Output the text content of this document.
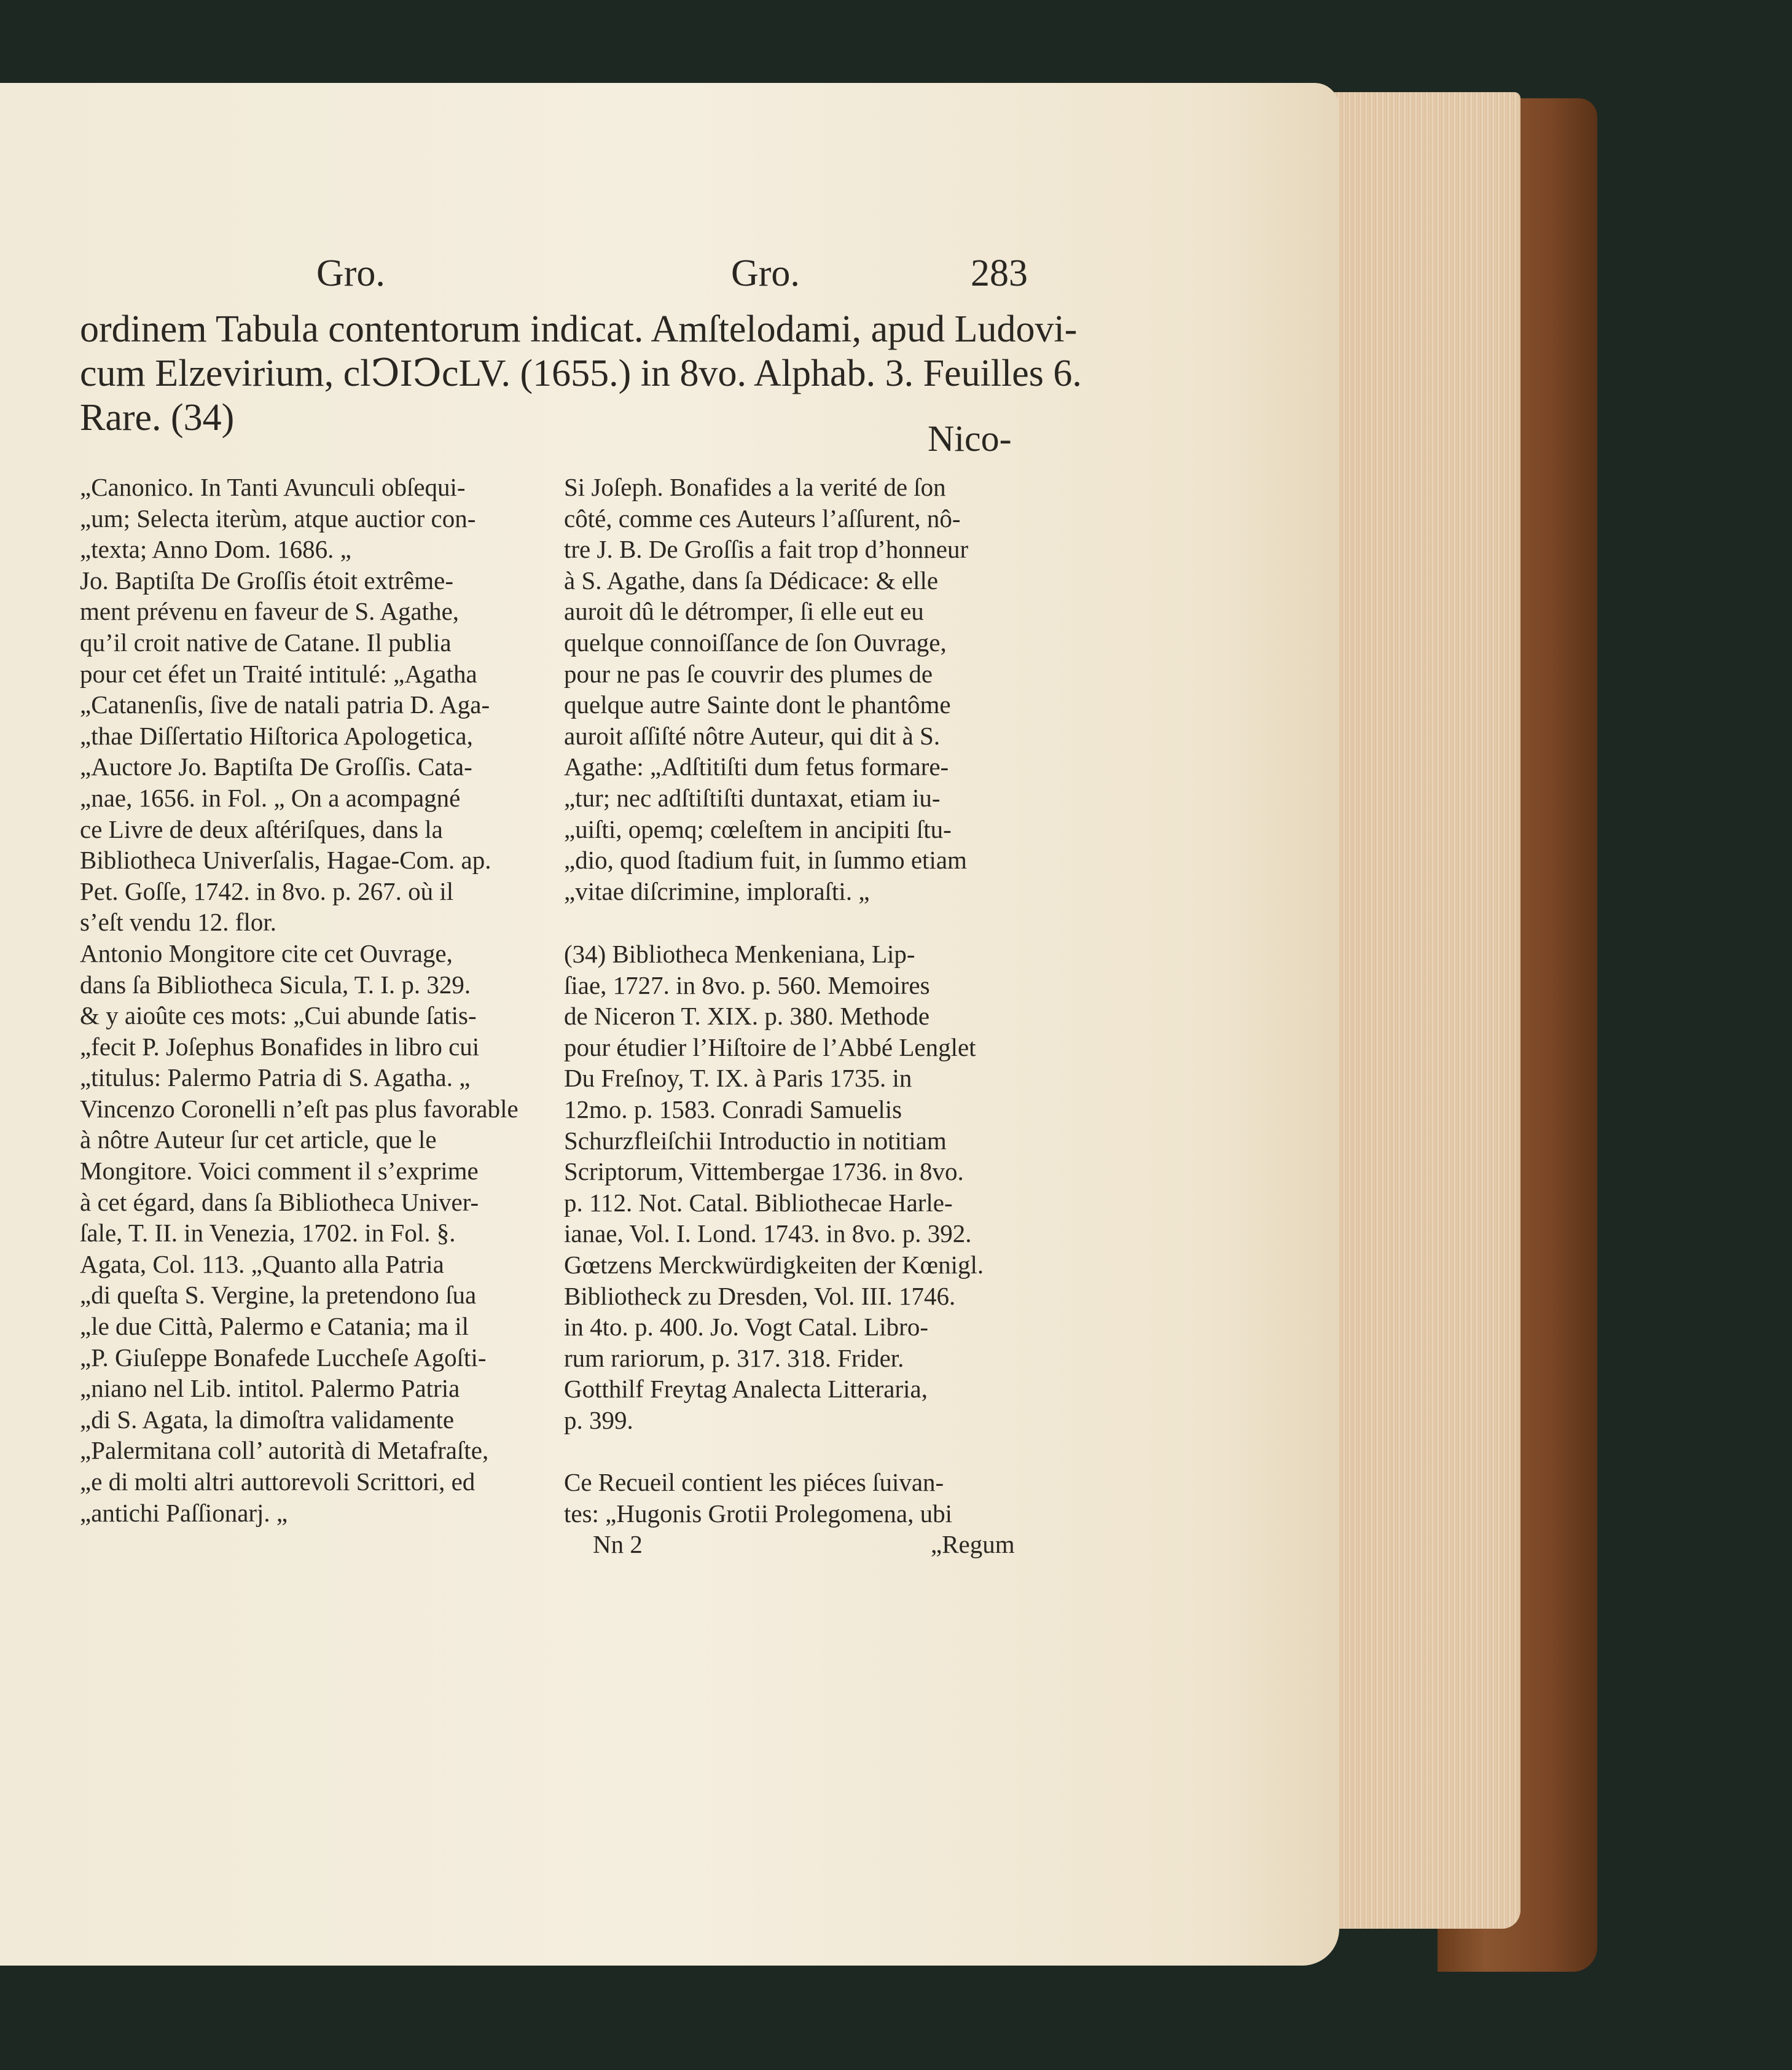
Gro.	Gro.	283
ordinem Tabula contentorum indicat. Amſtelodami, apud Ludovi-
cum Elzevirium, clↃIↃcLV. (1655.) in 8vo. Alphab. 3. Feuilles 6.
Rare. (34)	Nico-
„Canonico. In Tanti Avunculi obſequi-
„um; Selecta iterùm, atque auctior con-
„texta; Anno Dom. 1686. „
Jo. Baptiſta De Groſſis étoit extrême-
ment prévenu en faveur de S. Agathe,
qu’il croit native de Catane. Il publia
pour cet éfet un Traité intitulé: „Agatha
„Catanenſis, ſive de natali patria D. Aga-
„thae Diſſertatio Hiſtorica Apologetica,
„Auctore Jo. Baptiſta De Groſſis. Cata-
„nae, 1656. in Fol. „ On a acompagné
ce Livre de deux aſtériſques, dans la
Bibliotheca Univerſalis, Hagae-Com. ap.
Pet. Goſſe, 1742. in 8vo. p. 267. où il
s’eſt vendu 12. flor.
Antonio Mongitore cite cet Ouvrage,
dans ſa Bibliotheca Sicula, T. I. p. 329.
& y aioûte ces mots: „Cui abunde ſatis-
„fecit P. Joſephus Bonafides in libro cui
„titulus: Palermo Patria di S. Agatha. „
Vincenzo Coronelli n’eſt pas plus favorable
à nôtre Auteur ſur cet article, que le
Mongitore. Voici comment il s’exprime
à cet égard, dans ſa Bibliotheca Univer-
ſale, T. II. in Venezia, 1702. in Fol. §.
Agata, Col. 113. „Quanto alla Patria
„di queſta S. Vergine, la pretendono ſua
„le due Città, Palermo e Catania; ma il
„P. Giuſeppe Bonafede Luccheſe Agoſti-
„niano nel Lib. intitol. Palermo Patria
„di S. Agata, la dimoſtra validamente
„Palermitana coll’ autorità di Metafraſte,
„e di molti altri auttorevoli Scrittori, ed
„antichi Paſſionarj. „
Si Joſeph. Bonafides a la verité de ſon
côté, comme ces Auteurs l’aſſurent, nô-
tre J. B. De Groſſis a fait trop d’honneur
à S. Agathe, dans ſa Dédicace: & elle
auroit dû le détromper, ſi elle eut eu
quelque connoiſſance de ſon Ouvrage,
pour ne pas ſe couvrir des plumes de
quelque autre Sainte dont le phantôme
auroit aſſiſté nôtre Auteur, qui dit à S.
Agathe: „Adſtitiſti dum fetus formare-
„tur; nec adſtiſtiſti duntaxat, etiam iu-
„uiſti, opemq; cœleſtem in ancipiti ſtu-
„dio, quod ſtadium fuit, in ſummo etiam
„vitae diſcrimine, imploraſti. „
(34) Bibliotheca Menkeniana, Lip-
ſiae, 1727. in 8vo. p. 560. Memoires
de Niceron T. XIX. p. 380. Methode
pour étudier l’Hiſtoire de l’Abbé Lenglet
Du Freſnoy, T. IX. à Paris 1735. in
12mo. p. 1583. Conradi Samuelis
Schurzfleiſchii Introductio in notitiam
Scriptorum, Vittembergae 1736. in 8vo.
p. 112. Not. Catal. Bibliothecae Harle-
ianae, Vol. I. Lond. 1743. in 8vo. p. 392.
Gœtzens Merckwürdigkeiten der Kœnigl.
Bibliotheck zu Dresden, Vol. III. 1746.
in 4to. p. 400. Jo. Vogt Catal. Libro-
rum rariorum, p. 317. 318. Frider.
Gotthilf Freytag Analecta Litteraria,
p. 399.
Ce Recueil contient les piéces ſuivan-
tes: „Hugonis Grotii Prolegomena, ubi
Nn 2	„Regum
